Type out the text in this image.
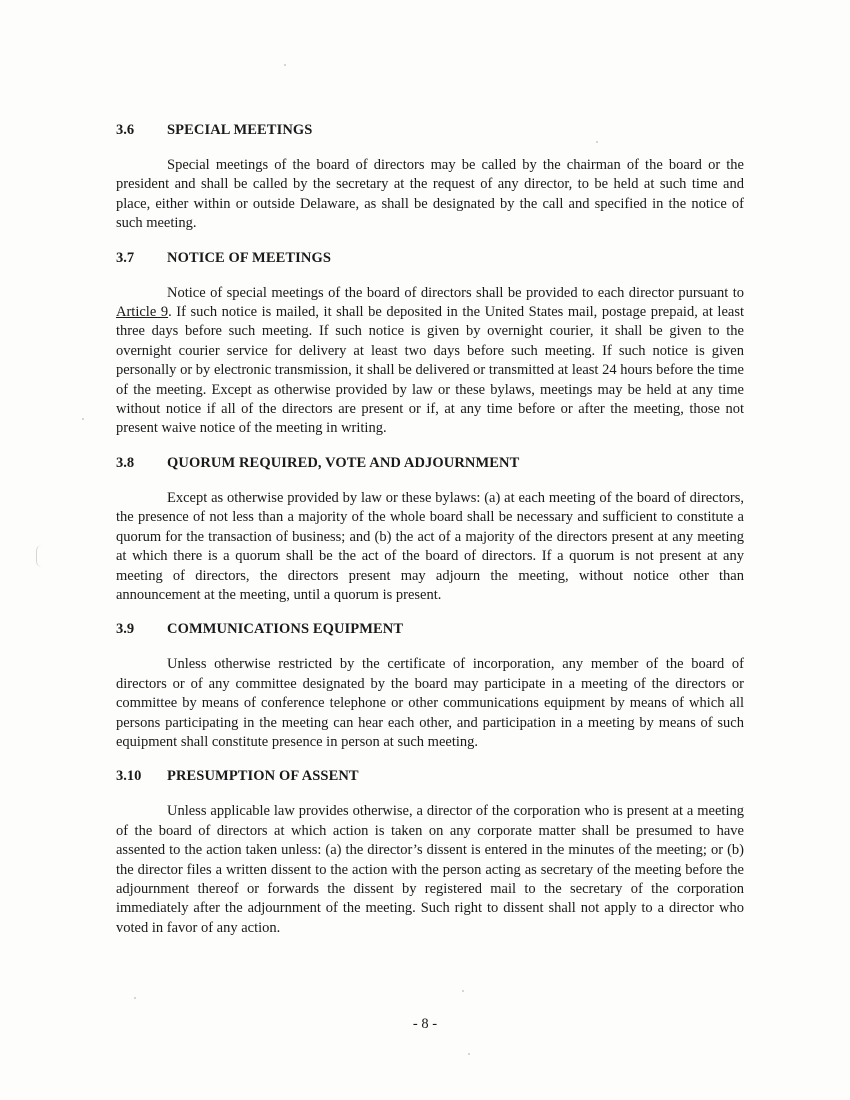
3.6	SPECIAL MEETINGS

Special meetings of the board of directors may be called by the chairman of the board or the president and shall be called by the secretary at the request of any director, to be held at such time and place, either within or outside Delaware, as shall be designated by the call and specified in the notice of such meeting.

3.7	NOTICE OF MEETINGS

Notice of special meetings of the board of directors shall be provided to each director pursuant to Article 9. If such notice is mailed, it shall be deposited in the United States mail, postage prepaid, at least three days before such meeting. If such notice is given by overnight courier, it shall be given to the overnight courier service for delivery at least two days before such meeting. If such notice is given personally or by electronic transmission, it shall be delivered or transmitted at least 24 hours before the time of the meeting. Except as otherwise provided by law or these bylaws, meetings may be held at any time without notice if all of the directors are present or if, at any time before or after the meeting, those not present waive notice of the meeting in writing.

3.8	QUORUM REQUIRED, VOTE AND ADJOURNMENT

Except as otherwise provided by law or these bylaws: (a) at each meeting of the board of directors, the presence of not less than a majority of the whole board shall be necessary and sufficient to constitute a quorum for the transaction of business; and (b) the act of a majority of the directors present at any meeting at which there is a quorum shall be the act of the board of directors. If a quorum is not present at any meeting of directors, the directors present may adjourn the meeting, without notice other than announcement at the meeting, until a quorum is present.

3.9	COMMUNICATIONS EQUIPMENT

Unless otherwise restricted by the certificate of incorporation, any member of the board of directors or of any committee designated by the board may participate in a meeting of the directors or committee by means of conference telephone or other communications equipment by means of which all persons participating in the meeting can hear each other, and participation in a meeting by means of such equipment shall constitute presence in person at such meeting.

3.10	PRESUMPTION OF ASSENT

Unless applicable law provides otherwise, a director of the corporation who is present at a meeting of the board of directors at which action is taken on any corporate matter shall be presumed to have assented to the action taken unless: (a) the director’s dissent is entered in the minutes of the meeting; or (b) the director files a written dissent to the action with the person acting as secretary of the meeting before the adjournment thereof or forwards the dissent by registered mail to the secretary of the corporation immediately after the adjournment of the meeting. Such right to dissent shall not apply to a director who voted in favor of any action.

- 8 -
